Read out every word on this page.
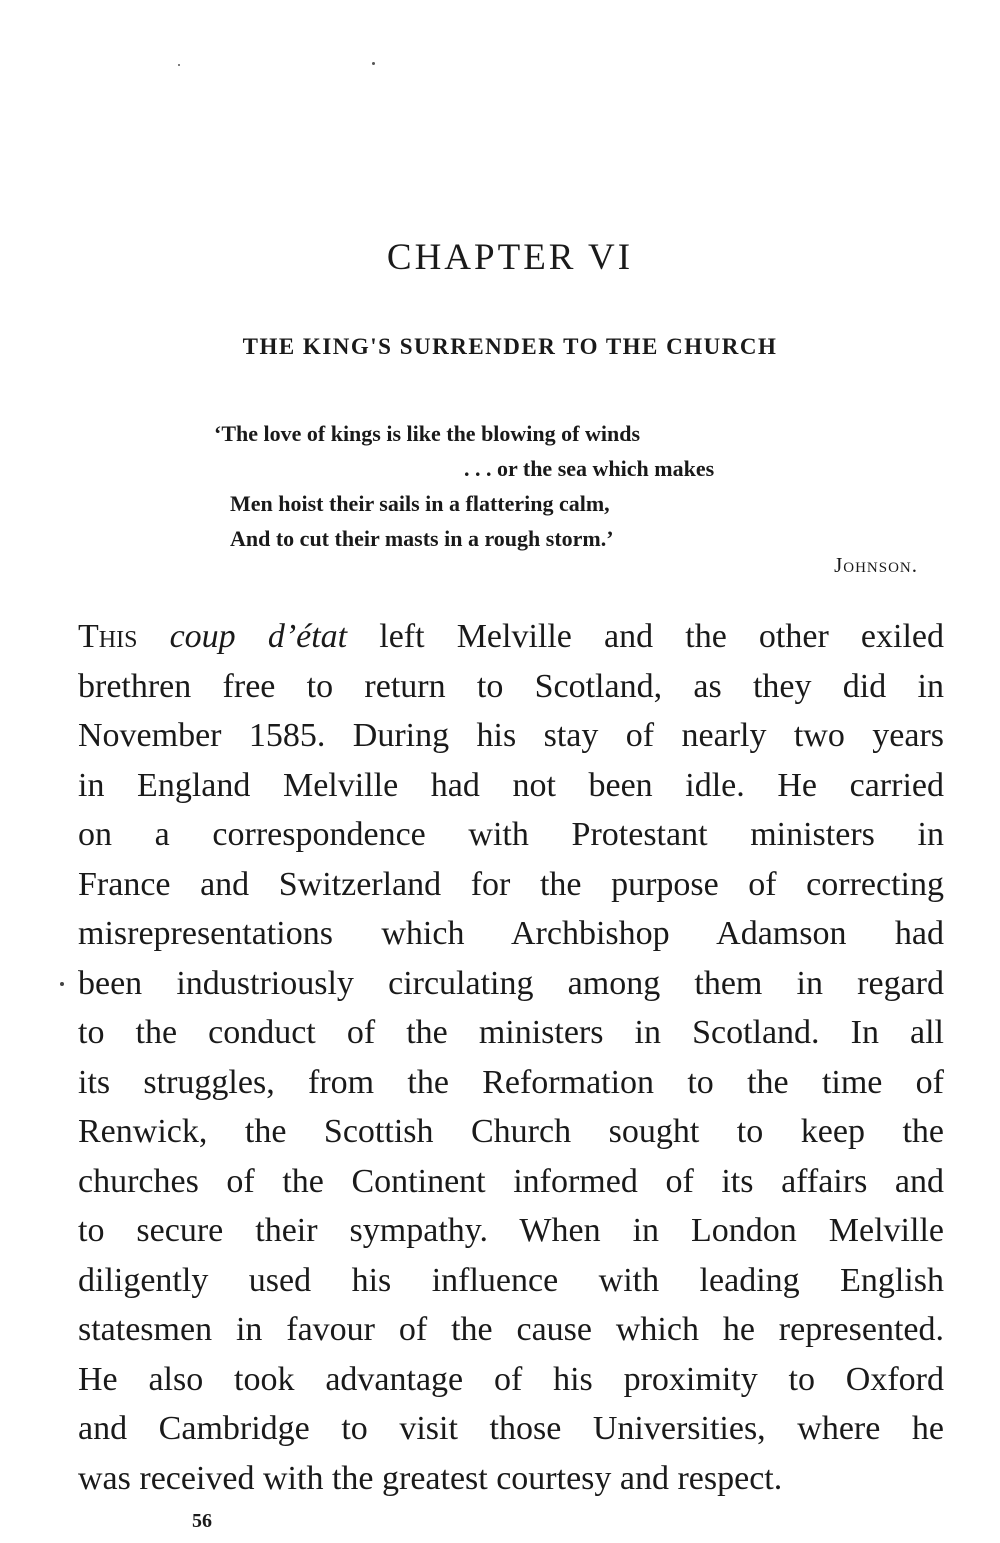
CHAPTER VI
THE KING'S SURRENDER TO THE CHURCH
‘The love of kings is like the blowing of winds
. . . or the sea which makes
Men hoist their sails in a flattering calm,
And to cut their masts in a rough storm.’
Johnson.
This coup d’état left Melville and the other exiled
brethren free to return to Scotland, as they did in
November 1585. During his stay of nearly two years
in England Melville had not been idle. He carried
on a correspondence with Protestant ministers in
France and Switzerland for the purpose of correcting
misrepresentations which Archbishop Adamson had
been industriously circulating among them in regard
to the conduct of the ministers in Scotland. In all
its struggles, from the Reformation to the time of
Renwick, the Scottish Church sought to keep the
churches of the Continent informed of its affairs and
to secure their sympathy. When in London Melville
diligently used his influence with leading English
statesmen in favour of the cause which he represented.
He also took advantage of his proximity to Oxford
and Cambridge to visit those Universities, where he
was received with the greatest courtesy and respect.
56
